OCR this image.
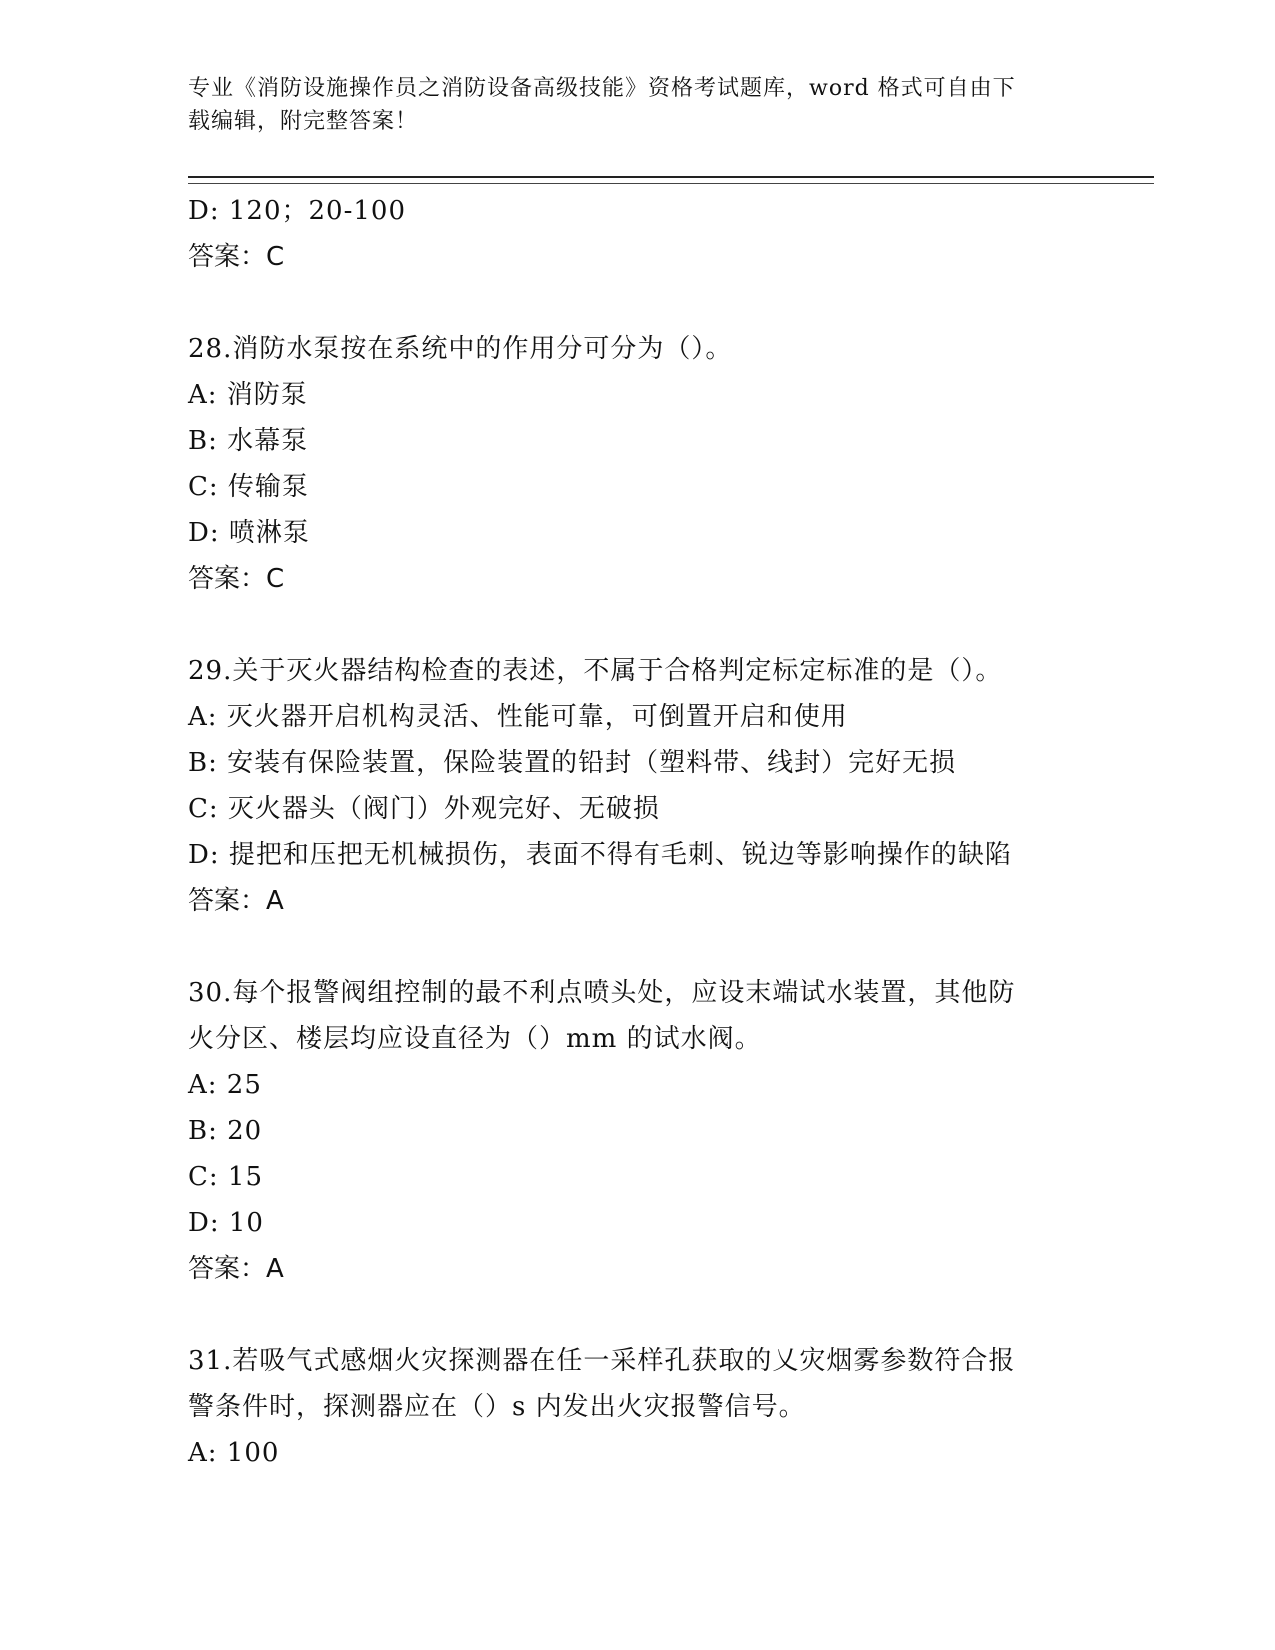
专业《消防设施操作员之消防设备高级技能》资格考试题库，word 格式可自由下
载编辑，附完整答案！
D: 120；20-100
答案：C
28.消防水泵按在系统中的作用分可分为（）。
A: 消防泵
B: 水幕泵
C: 传输泵
D: 喷淋泵
答案：C
29.关于灭火器结构检查的表述，不属于合格判定标定标准的是（）。
A: 灭火器开启机构灵活、性能可靠，可倒置开启和使用
B: 安装有保险装置，保险装置的铅封（塑料带、线封）完好无损
C: 灭火器头（阀门）外观完好、无破损
D: 提把和压把无机械损伤，表面不得有毛刺、锐边等影响操作的缺陷
答案：A
30.每个报警阀组控制的最不利点喷头处，应设末端试水装置，其他防
火分区、楼层均应设直径为（）mm 的试水阀。
A: 25
B: 20
C: 15
D: 10
答案：A
31.若吸气式感烟火灾探测器在任一采样孔获取的乂灾烟雾参数符合报
警条件时，探测器应在（）s 内发出火灾报警信号。
A: 100
